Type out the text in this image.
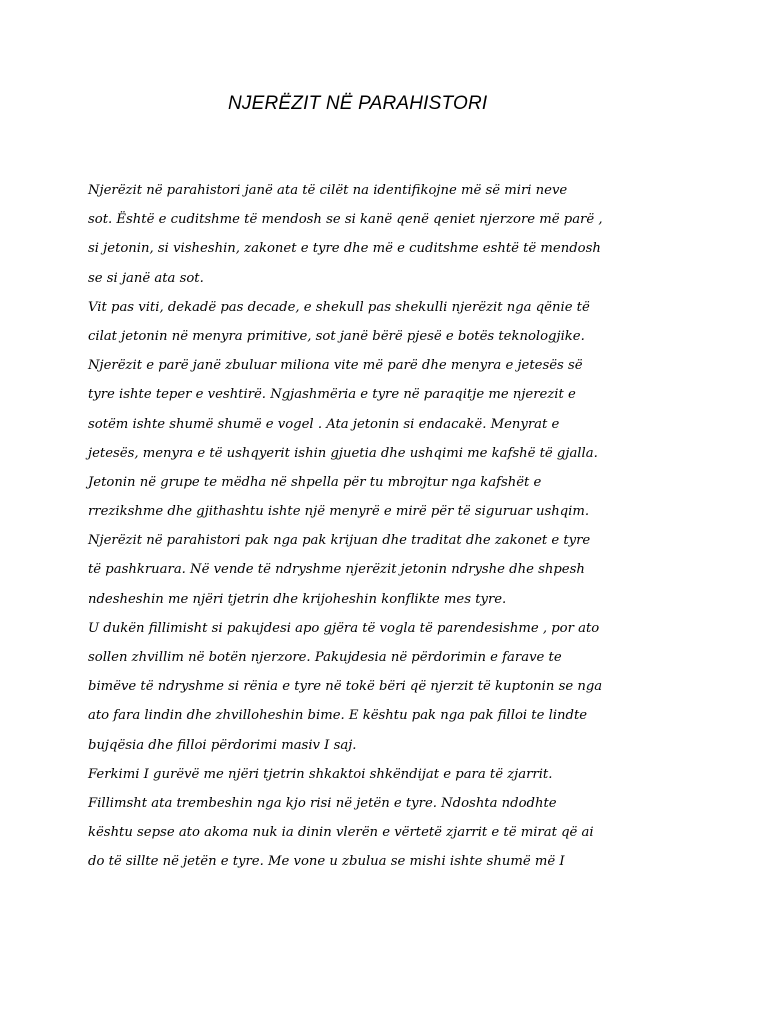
NJERËZIT NË PARAHISTORI
Njerëzit në parahistori janë ata të cilët na identifikojne më së miri neve
sot. Është e cuditshme të mendosh se si kanë qenë qeniet njerzore më parë ,
si jetonin, si visheshin, zakonet e tyre dhe më e cuditshme eshtë të mendosh
se si janë ata sot.
Vit pas viti, dekadë pas decade, e shekull pas shekulli njerëzit nga qënie të
cilat jetonin në menyra primitive, sot janë bërë pjesë e botës teknologjike.
Njerëzit e parë janë zbuluar miliona vite më parë dhe menyra e jetesës së
tyre ishte teper e veshtirë. Ngjashmëria e tyre në paraqitje me njerezit e
sotëm ishte shumë shumë e vogel . Ata jetonin si endacakë. Menyrat e
jetesës, menyra e të ushqyerit ishin gjuetia dhe ushqimi me kafshë të gjalla.
Jetonin në grupe te mëdha në shpella për tu mbrojtur nga kafshët e
rrezikshme dhe gjithashtu ishte një menyrë e mirë për të siguruar ushqim.
Njerëzit në parahistori pak nga pak krijuan dhe traditat dhe zakonet e tyre
të pashkruara. Në vende të ndryshme njerëzit jetonin ndryshe dhe shpesh
ndesheshin me njëri tjetrin dhe krijoheshin konflikte mes tyre.
U dukën fillimisht si pakujdesi apo gjëra të vogla të parendesishme , por ato
sollen zhvillim në botën njerzore. Pakujdesia në përdorimin e farave te
bimëve të ndryshme si rënia e tyre në tokë bëri që njerzit të kuptonin se nga
ato fara lindin dhe zhvilloheshin bime. E kështu pak nga pak filloi te lindte
bujqësia dhe filloi përdorimi masiv I saj.
Ferkimi I gurëvë me njëri tjetrin shkaktoi shkëndijat e para të zjarrit.
Fillimsht ata trembeshin nga kjo risi në jetën e tyre. Ndoshta ndodhte
kështu sepse ato akoma nuk ia dinin vlerën e vërtetë zjarrit e të mirat që ai
do të sillte në jetën e tyre. Me vone u zbulua se mishi ishte shumë më I
